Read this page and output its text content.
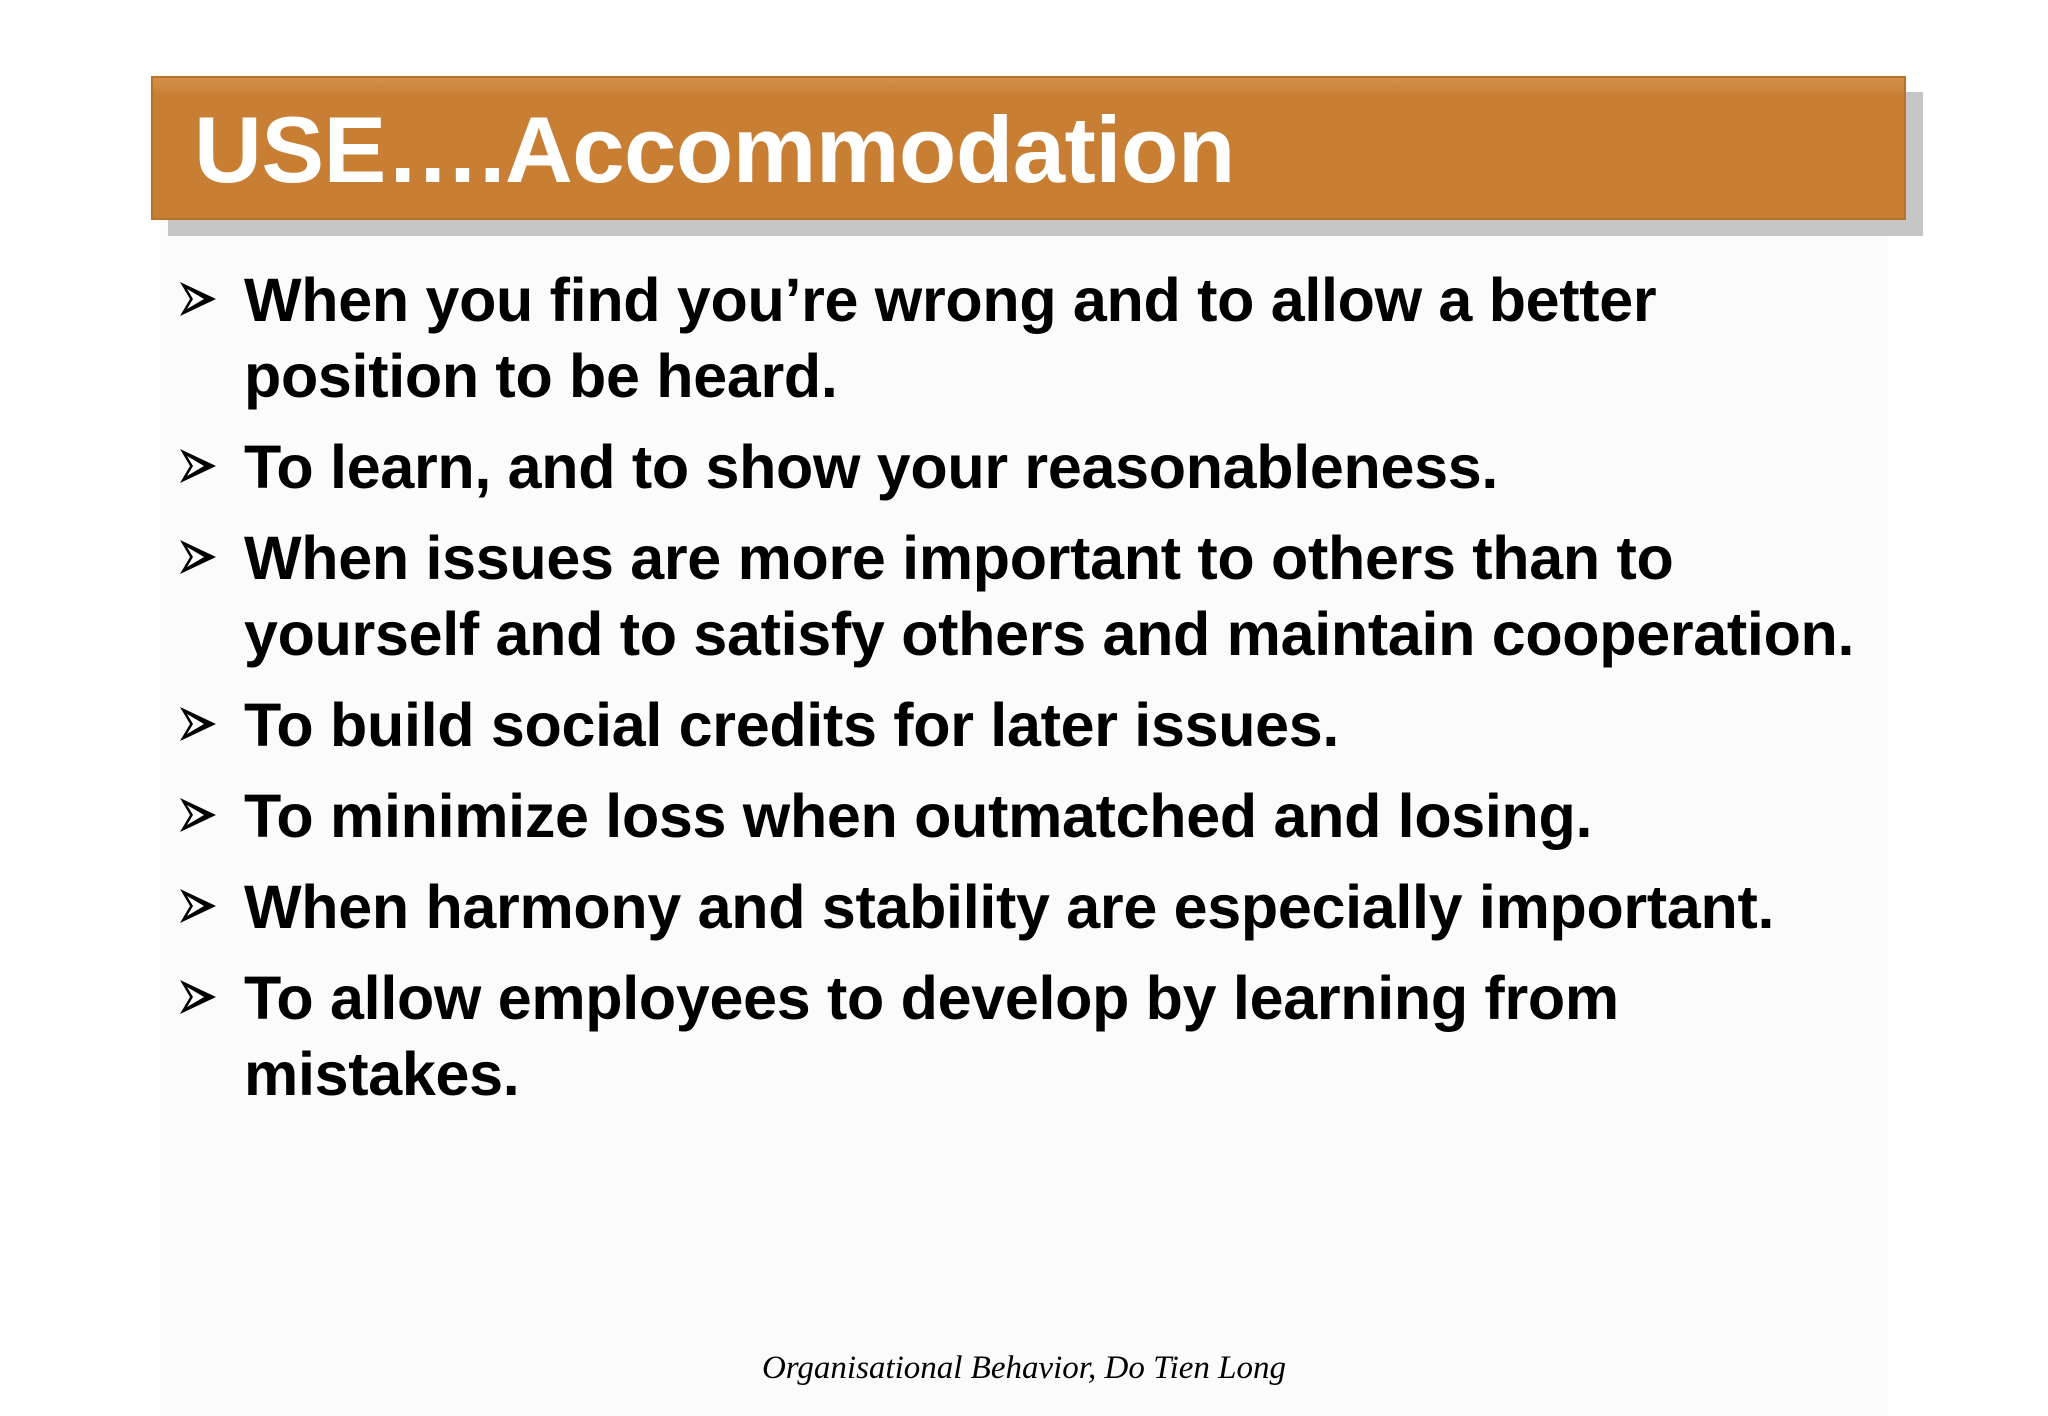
USE….Accommodation
When you find you’re wrong and to allow a better position to be heard.
To learn, and to show your reasonableness.
When issues are more important to others than to yourself and to satisfy others and maintain cooperation.
To build social credits for later issues.
To minimize loss when outmatched and losing.
When harmony and stability are especially important.
To allow employees to develop by learning from mistakes.

Organisational Behavior, Do Tien Long
